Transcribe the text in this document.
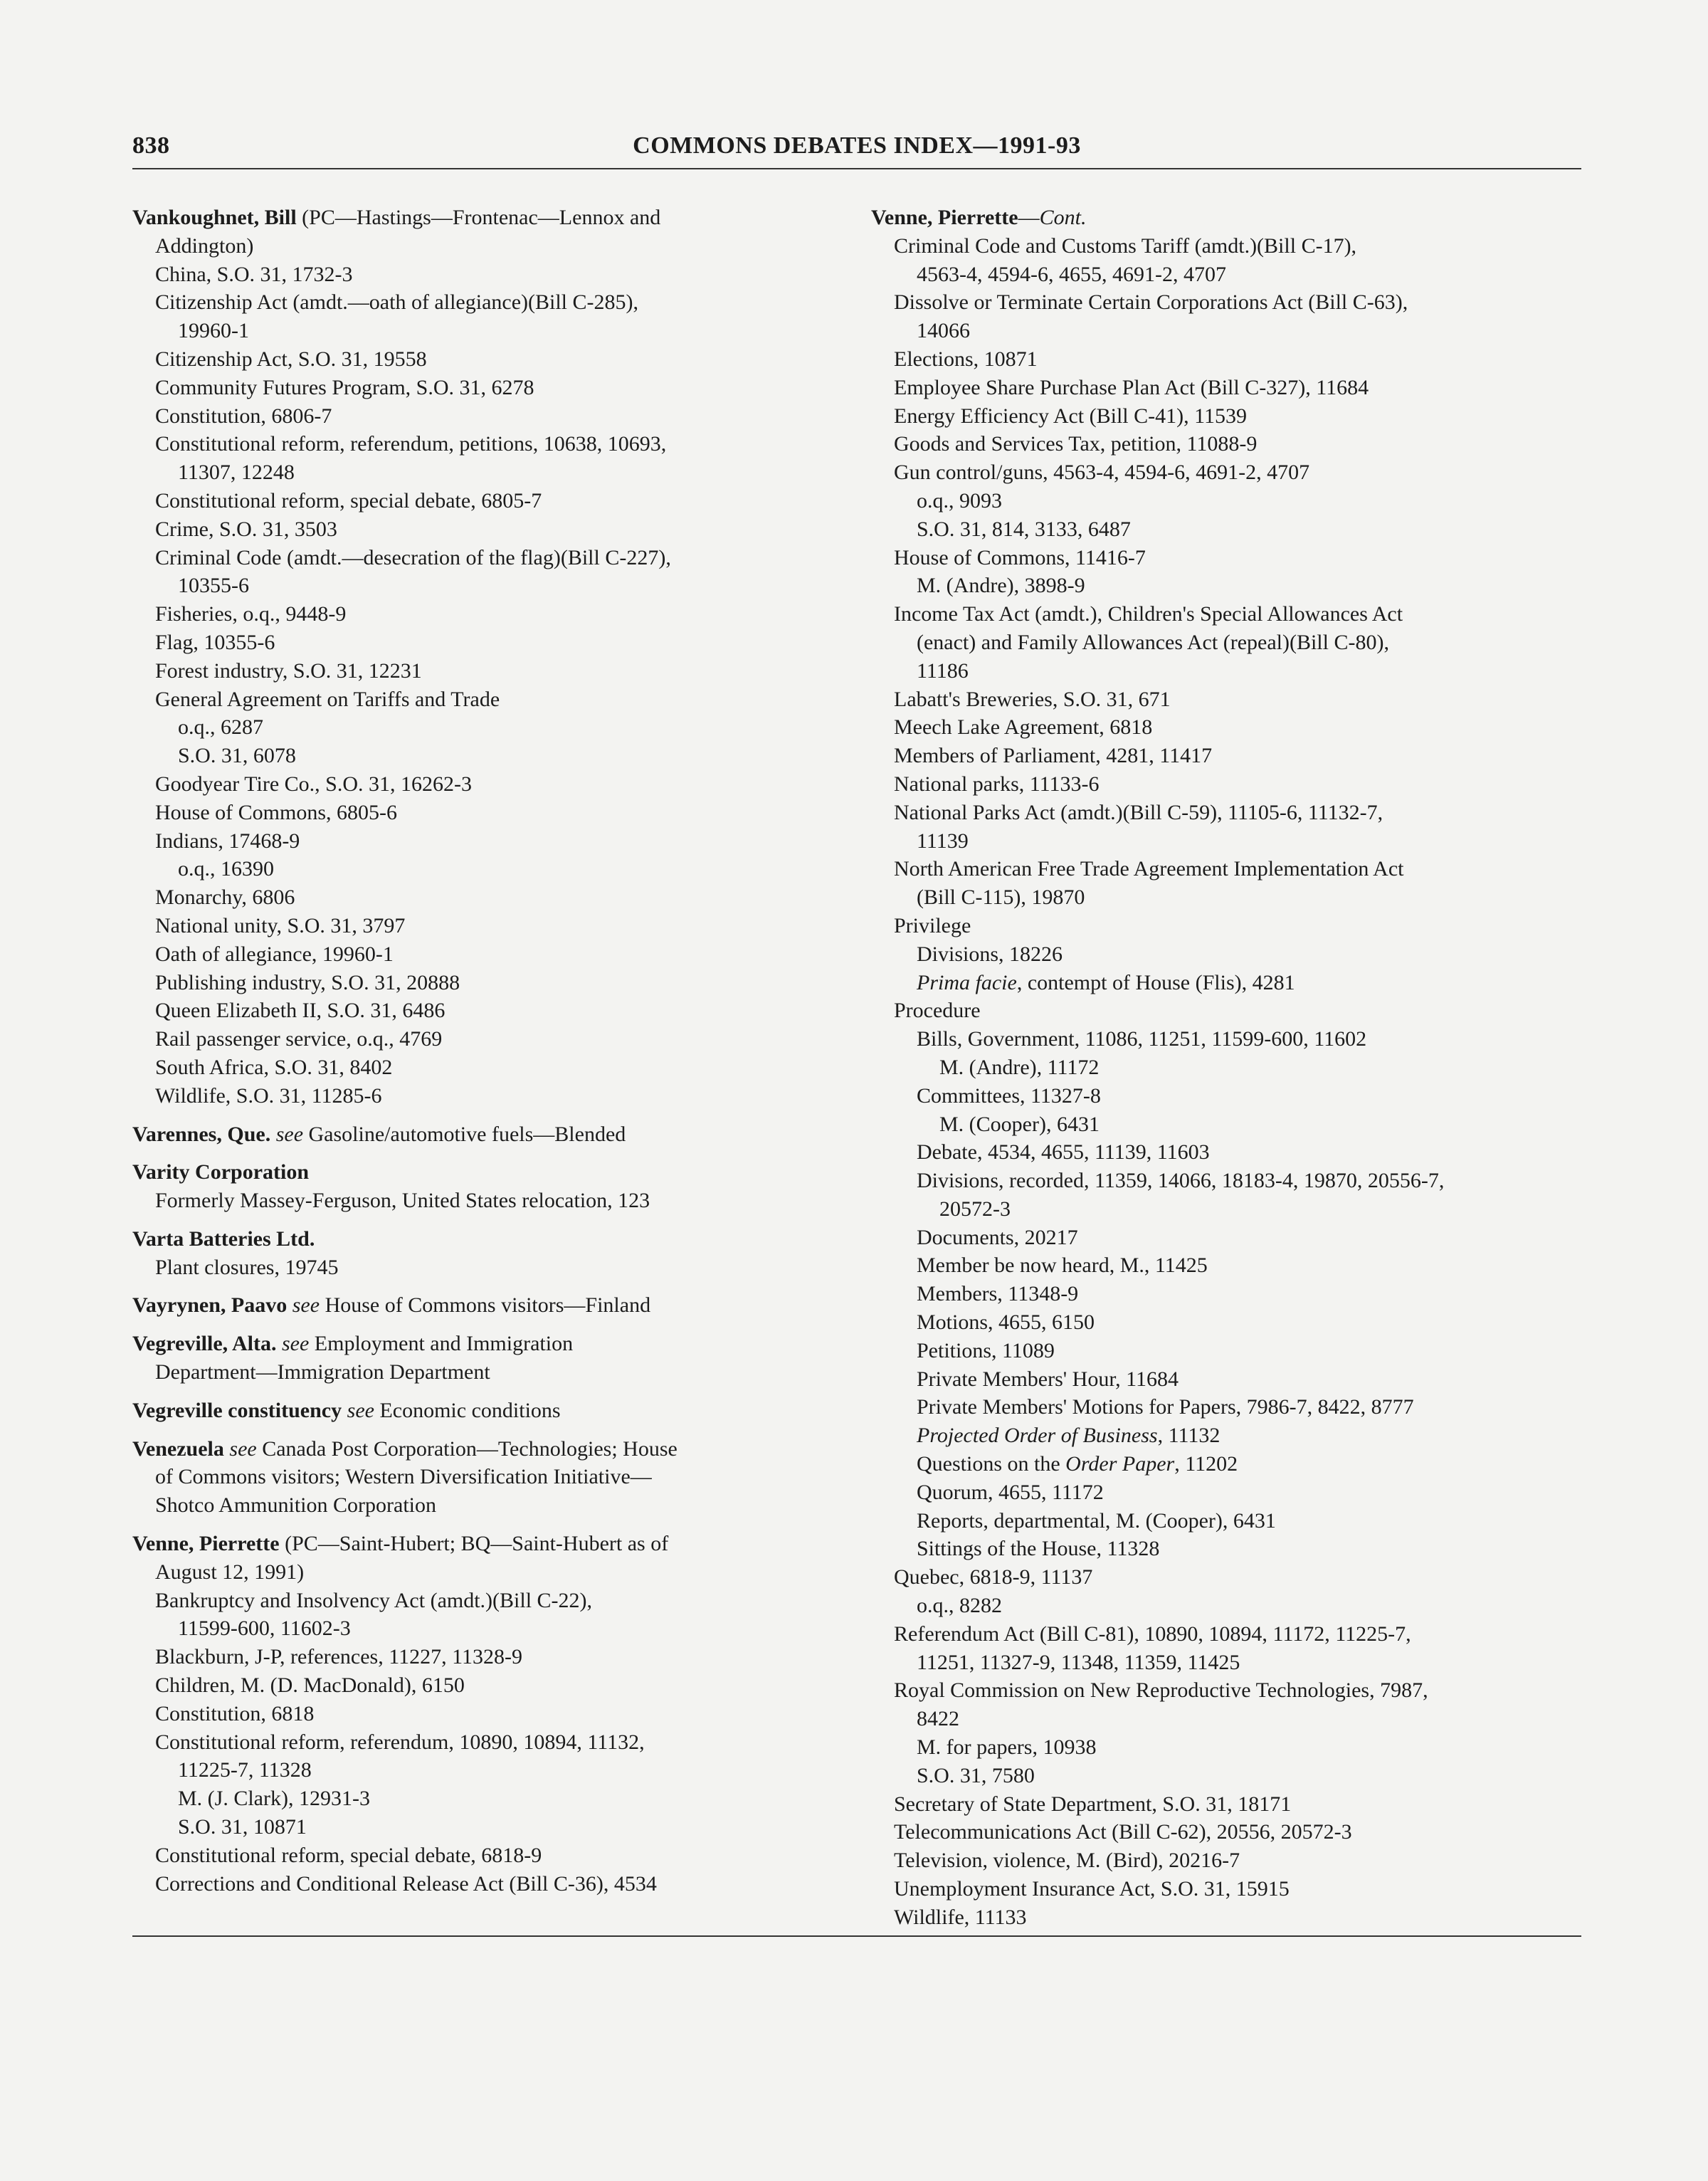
838	COMMONS DEBATES INDEX—1991-93
Vankoughnet, Bill (PC—Hastings—Frontenac—Lennox and
Addington)
China, S.O. 31, 1732-3
Citizenship Act (amdt.—oath of allegiance)(Bill C-285),
19960-1
Citizenship Act, S.O. 31, 19558
Community Futures Program, S.O. 31, 6278
Constitution, 6806-7
Constitutional reform, referendum, petitions, 10638, 10693,
11307, 12248
Constitutional reform, special debate, 6805-7
Crime, S.O. 31, 3503
Criminal Code (amdt.—desecration of the flag)(Bill C-227),
10355-6
Fisheries, o.q., 9448-9
Flag, 10355-6
Forest industry, S.O. 31, 12231
General Agreement on Tariffs and Trade
o.q., 6287
S.O. 31, 6078
Goodyear Tire Co., S.O. 31, 16262-3
House of Commons, 6805-6
Indians, 17468-9
o.q., 16390
Monarchy, 6806
National unity, S.O. 31, 3797
Oath of allegiance, 19960-1
Publishing industry, S.O. 31, 20888
Queen Elizabeth II, S.O. 31, 6486
Rail passenger service, o.q., 4769
South Africa, S.O. 31, 8402
Wildlife, S.O. 31, 11285-6
Varennes, Que. see Gasoline/automotive fuels—Blended
Varity Corporation
Formerly Massey-Ferguson, United States relocation, 123
Varta Batteries Ltd.
Plant closures, 19745
Vayrynen, Paavo see House of Commons visitors—Finland
Vegreville, Alta. see Employment and Immigration
Department—Immigration Department
Vegreville constituency see Economic conditions
Venezuela see Canada Post Corporation—Technologies; House
of Commons visitors; Western Diversification Initiative—
Shotco Ammunition Corporation
Venne, Pierrette (PC—Saint-Hubert; BQ—Saint-Hubert as of
August 12, 1991)
Bankruptcy and Insolvency Act (amdt.)(Bill C-22),
11599-600, 11602-3
Blackburn, J-P, references, 11227, 11328-9
Children, M. (D. MacDonald), 6150
Constitution, 6818
Constitutional reform, referendum, 10890, 10894, 11132,
11225-7, 11328
M. (J. Clark), 12931-3
S.O. 31, 10871
Constitutional reform, special debate, 6818-9
Corrections and Conditional Release Act (Bill C-36), 4534
Venne, Pierrette—Cont.
Criminal Code and Customs Tariff (amdt.)(Bill C-17),
4563-4, 4594-6, 4655, 4691-2, 4707
Dissolve or Terminate Certain Corporations Act (Bill C-63),
14066
Elections, 10871
Employee Share Purchase Plan Act (Bill C-327), 11684
Energy Efficiency Act (Bill C-41), 11539
Goods and Services Tax, petition, 11088-9
Gun control/guns, 4563-4, 4594-6, 4691-2, 4707
o.q., 9093
S.O. 31, 814, 3133, 6487
House of Commons, 11416-7
M. (Andre), 3898-9
Income Tax Act (amdt.), Children's Special Allowances Act
(enact) and Family Allowances Act (repeal)(Bill C-80),
11186
Labatt's Breweries, S.O. 31, 671
Meech Lake Agreement, 6818
Members of Parliament, 4281, 11417
National parks, 11133-6
National Parks Act (amdt.)(Bill C-59), 11105-6, 11132-7,
11139
North American Free Trade Agreement Implementation Act
(Bill C-115), 19870
Privilege
Divisions, 18226
Prima facie, contempt of House (Flis), 4281
Procedure
Bills, Government, 11086, 11251, 11599-600, 11602
M. (Andre), 11172
Committees, 11327-8
M. (Cooper), 6431
Debate, 4534, 4655, 11139, 11603
Divisions, recorded, 11359, 14066, 18183-4, 19870, 20556-7,
20572-3
Documents, 20217
Member be now heard, M., 11425
Members, 11348-9
Motions, 4655, 6150
Petitions, 11089
Private Members' Hour, 11684
Private Members' Motions for Papers, 7986-7, 8422, 8777
Projected Order of Business, 11132
Questions on the Order Paper, 11202
Quorum, 4655, 11172
Reports, departmental, M. (Cooper), 6431
Sittings of the House, 11328
Quebec, 6818-9, 11137
o.q., 8282
Referendum Act (Bill C-81), 10890, 10894, 11172, 11225-7,
11251, 11327-9, 11348, 11359, 11425
Royal Commission on New Reproductive Technologies, 7987,
8422
M. for papers, 10938
S.O. 31, 7580
Secretary of State Department, S.O. 31, 18171
Telecommunications Act (Bill C-62), 20556, 20572-3
Television, violence, M. (Bird), 20216-7
Unemployment Insurance Act, S.O. 31, 15915
Wildlife, 11133
